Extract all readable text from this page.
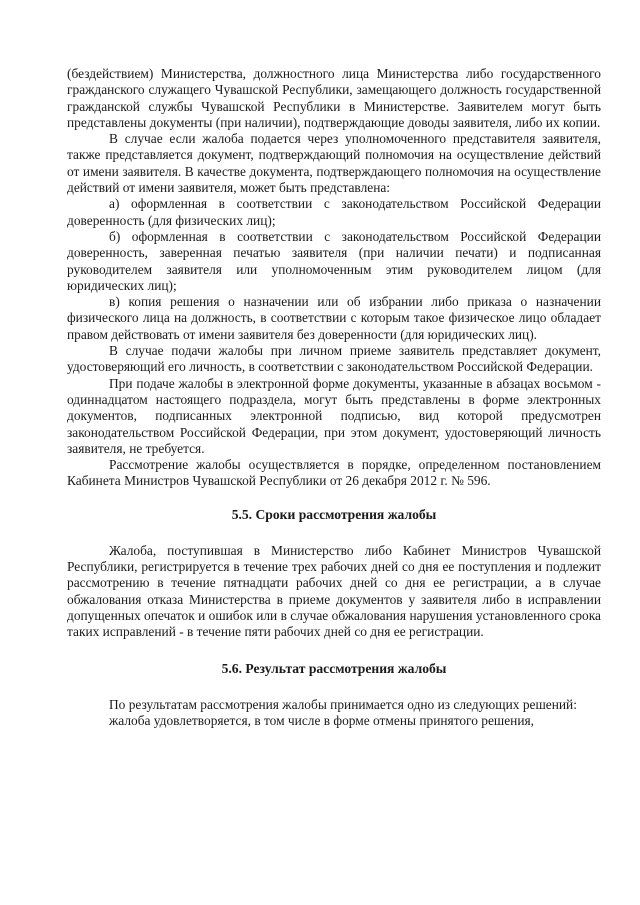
(бездействием) Министерства, должностного лица Министерства либо государственного гражданского служащего Чувашской Республики, замещающего должность государственной гражданской службы Чувашской Республики в Министерстве. Заявителем могут быть представлены документы (при наличии), подтверждающие доводы заявителя, либо их копии.

В случае если жалоба подается через уполномоченного представителя заявителя, также представляется документ, подтверждающий полномочия на осуществление действий от имени заявителя. В качестве документа, подтверждающего полномочия на осуществление действий от имени заявителя, может быть представлена:

а) оформленная в соответствии с законодательством Российской Федерации доверенность (для физических лиц);

б) оформленная в соответствии с законодательством Российской Федерации доверенность, заверенная печатью заявителя (при наличии печати) и подписанная руководителем заявителя или уполномоченным этим руководителем лицом (для юридических лиц);

в) копия решения о назначении или об избрании либо приказа о назначении физического лица на должность, в соответствии с которым такое физическое лицо обладает правом действовать от имени заявителя без доверенности (для юридических лиц).

В случае подачи жалобы при личном приеме заявитель представляет документ, удостоверяющий его личность, в соответствии с законодательством Российской Федерации.

При подаче жалобы в электронной форме документы, указанные в абзацах восьмом - одиннадцатом настоящего подраздела, могут быть представлены в форме электронных документов, подписанных электронной подписью, вид которой предусмотрен законодательством Российской Федерации, при этом документ, удостоверяющий личность заявителя, не требуется.

Рассмотрение жалобы осуществляется в порядке, определенном постановлением Кабинета Министров Чувашской Республики от 26 декабря 2012 г. № 596.

5.5. Сроки рассмотрения жалобы

Жалоба, поступившая в Министерство либо Кабинет Министров Чувашской Республики, регистрируется в течение трех рабочих дней со дня ее поступления и подлежит рассмотрению в течение пятнадцати рабочих дней со дня ее регистрации, а в случае обжалования отказа Министерства в приеме документов у заявителя либо в исправлении допущенных опечаток и ошибок или в случае обжалования нарушения установленного срока таких исправлений - в течение пяти рабочих дней со дня ее регистрации.

5.6. Результат рассмотрения жалобы

По результатам рассмотрения жалобы принимается одно из следующих решений:

жалоба удовлетворяется, в том числе в форме отмены принятого решения,
